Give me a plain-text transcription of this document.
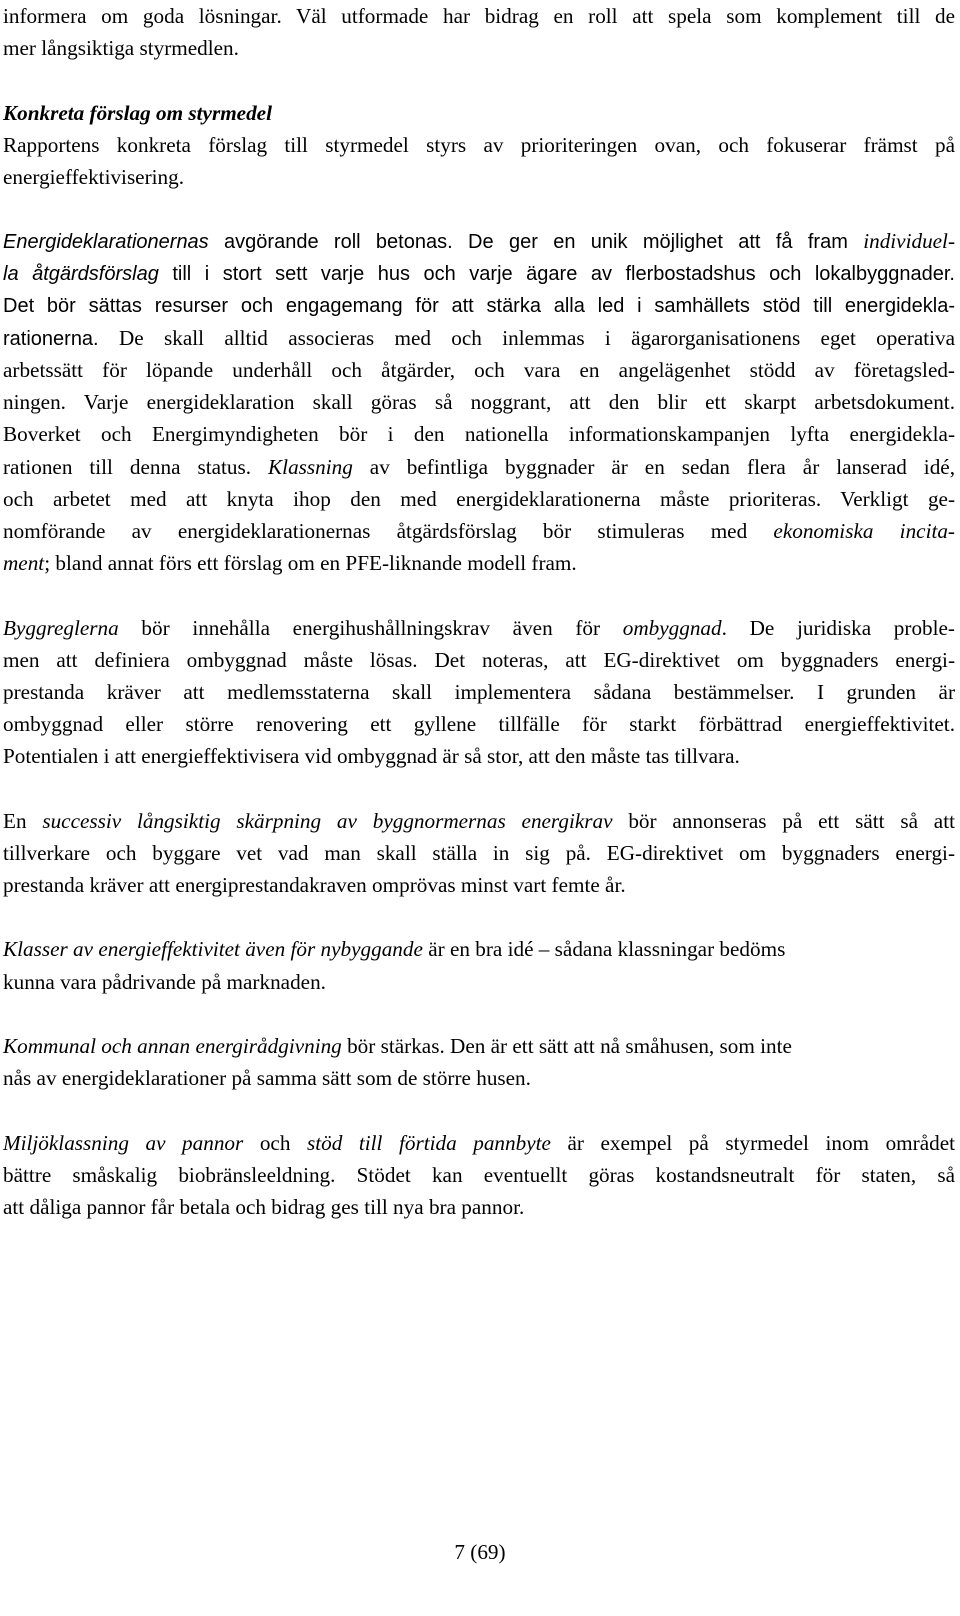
informera om goda lösningar. Väl utformade har bidrag en roll att spela som komplement till de
mer långsiktiga styrmedlen.
Konkreta förslag om styrmedel
Rapportens konkreta förslag till styrmedel styrs av prioriteringen ovan, och fokuserar främst på
energieffektivisering.
Energideklarationernas avgörande roll betonas. De ger en unik möjlighet att få fram individuel-
la åtgärdsförslag till i stort sett varje hus och varje ägare av flerbostadshus och lokalbyggnader.
Det bör sättas resurser och engagemang för att stärka alla led i samhällets stöd till energidekla-
rationerna. De skall alltid associeras med och inlemmas i ägarorganisationens eget operativa
arbetssätt för löpande underhåll och åtgärder, och vara en angelägenhet stödd av företagsled-
ningen. Varje energideklaration skall göras så noggrant, att den blir ett skarpt arbetsdokument.
Boverket och Energimyndigheten bör i den nationella informationskampanjen lyfta energidekla-
rationen till denna status. Klassning av befintliga byggnader är en sedan flera år lanserad idé,
och arbetet med att knyta ihop den med energideklarationerna måste prioriteras. Verkligt ge-
nomförande av energideklarationernas åtgärdsförslag bör stimuleras med ekonomiska incita-
ment; bland annat förs ett förslag om en PFE-liknande modell fram.
Byggreglerna bör innehålla energihushållningskrav även för ombyggnad. De juridiska proble-
men att definiera ombyggnad måste lösas. Det noteras, att EG-direktivet om byggnaders energi-
prestanda kräver att medlemsstaterna skall implementera sådana bestämmelser. I grunden är
ombyggnad eller större renovering ett gyllene tillfälle för starkt förbättrad energieffektivitet.
Potentialen i att energieffektivisera vid ombyggnad är så stor, att den måste tas tillvara.
En successiv långsiktig skärpning av byggnormernas energikrav bör annonseras på ett sätt så att
tillverkare och byggare vet vad man skall ställa in sig på. EG-direktivet om byggnaders energi-
prestanda kräver att energiprestandakraven omprövas minst vart femte år.
Klasser av energieffektivitet även för nybyggande är en bra idé – sådana klassningar bedöms
kunna vara pådrivande på marknaden.
Kommunal och annan energirådgivning bör stärkas. Den är ett sätt att nå småhusen, som inte
nås av energideklarationer på samma sätt som de större husen.
Miljöklassning av pannor och stöd till förtida pannbyte är exempel på styrmedel inom området
bättre småskalig biobränsleeldning. Stödet kan eventuellt göras kostandsneutralt för staten, så
att dåliga pannor får betala och bidrag ges till nya bra pannor.
7 (69)
